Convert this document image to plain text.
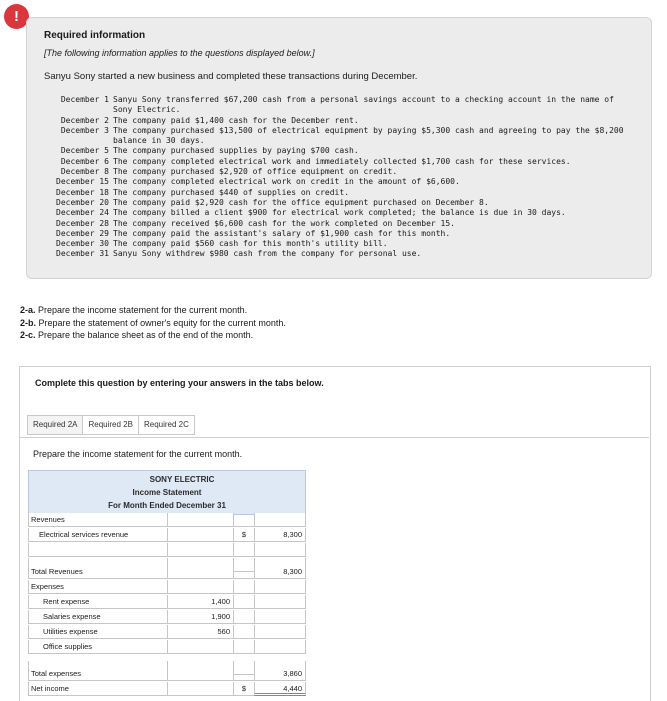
!
Required information
[The following information applies to the questions displayed below.]
Sanyu Sony started a new business and completed these transactions during December.
December 1 Sanyu Sony transferred $67,200 cash from a personal savings account to a checking account in the name of Sony Electric.
December 2 The company paid $1,400 cash for the December rent.
December 3 The company purchased $13,500 of electrical equipment by paying $5,300 cash and agreeing to pay the $8,200 balance in 30 days.
December 5 The company purchased supplies by paying $700 cash.
December 6 The company completed electrical work and immediately collected $1,700 cash for these services.
December 8 The company purchased $2,920 of office equipment on credit.
December 15 The company completed electrical work on credit in the amount of $6,600.
December 18 The company purchased $440 of supplies on credit.
December 20 The company paid $2,920 cash for the office equipment purchased on December 8.
December 24 The company billed a client $900 for electrical work completed; the balance is due in 30 days.
December 28 The company received $6,600 cash for the work completed on December 15.
December 29 The company paid the assistant's salary of $1,900 cash for this month.
December 30 The company paid $560 cash for this month's utility bill.
December 31 Sanyu Sony withdrew $980 cash from the company for personal use.
2-a. Prepare the income statement for the current month.
2-b. Prepare the statement of owner's equity for the current month.
2-c. Prepare the balance sheet as of the end of the month.
Complete this question by entering your answers in the tabs below.
Required 2A	Required 2B	Required 2C
Prepare the income statement for the current month.
SONY ELECTRIC
Income Statement
For Month Ended December 31
Revenues
Electrical services revenue	$	8,300
Total Revenues	8,300
Expenses
Rent expense	1,400
Salaries expense	1,900
Utilities expense	560
Office supplies
Total expenses	3,860
Net income	$	4,440
